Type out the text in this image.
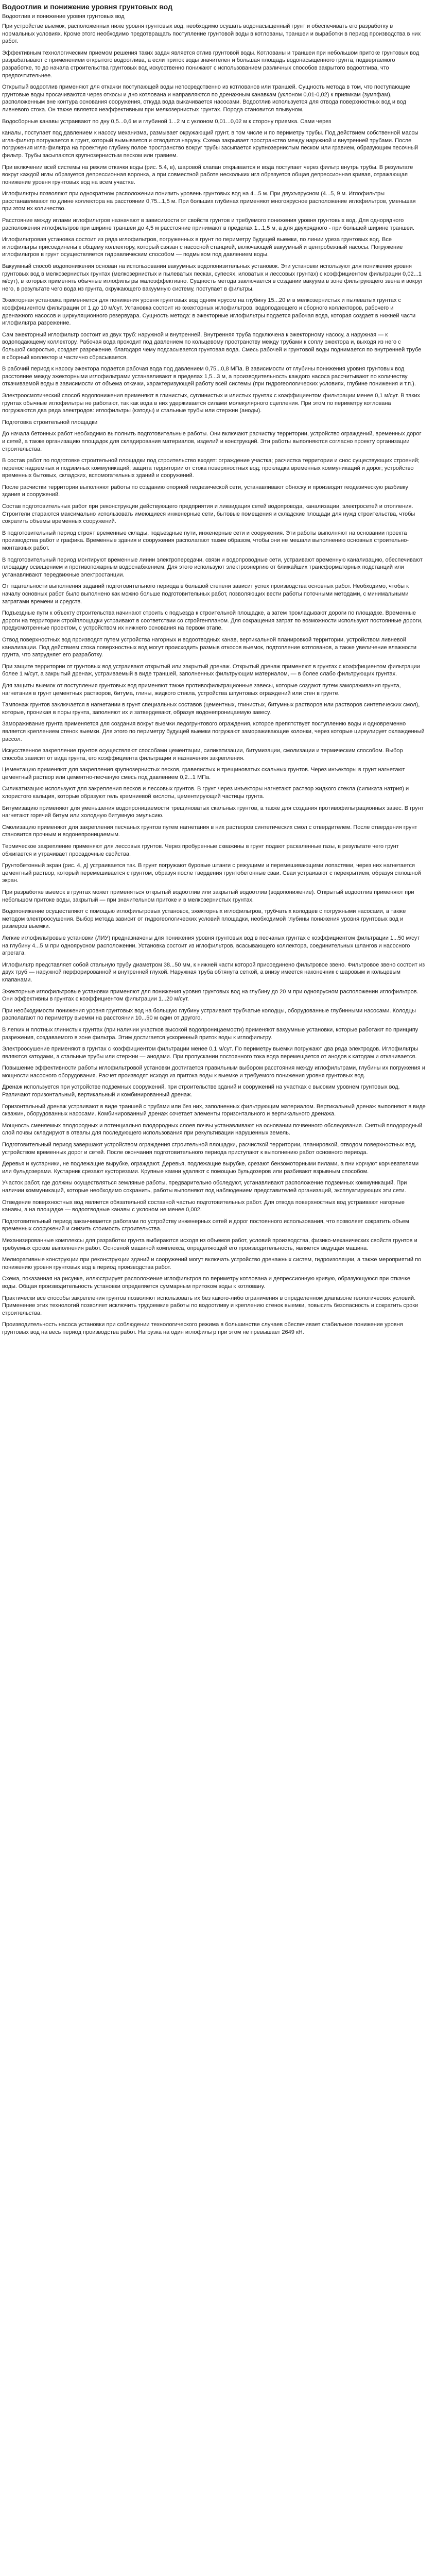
Водоотлив и понижение уровня грунтовых вод
Водоотлив и понижение уровня грунтовых вод

При устройстве выемок, расположенных ниже уровня грунтовых вод, необходимо осушать водонасыщенный грунт и обеспечивать его разработку в нормальных условиях. Кроме этого необходимо предотвращать поступление грунтовой воды в котлованы, траншеи и выработки в период производства в них работ.

Эффективным технологическим приемом решения таких задач является отлив грунтовой воды. Котлованы и траншеи при небольшом притоке грунтовых вод разрабатывают с применением открытого водоотлива, а если приток воды значителен и большая площадь водонасыщенного грунта, подвергаемого разработке, то до начала строительства грунтовых вод искусственно понижают с использованием различных способов закрытого водоотлива, что предпочтительнее.

Открытый водоотлив применяют для откачки поступающей воды непосредственно из котлованов или траншей. Сущность метода в том, что поступающие грунтовые воды просачиваются через откосы и дно котлована и направляются по дренажным канавкам (уклоном 0,01-0,02) к приямкам (зумпфам), расположенным вне контура основания сооружения, откуда вода выкачивается насосами. Водоотлив используется для отвода поверхностных вод и вод ливневого стока. Он также является неэффективным при мелкозернистых грунтах. Порода становится плывуном.

Водосборные канавы устраивают по дну 0,5...0,6 м и глубиной 1...2 м с уклоном 0,01...0,02 м к сторону приямка. Сами через

каналы, поступает под давлением к насосу механизма, размывает окружающий грунт, в том числе и по периметру трубы. Под действием собственной массы игла-фильтр погружается в грунт, который вымывается и отводится наружу. Схема закрывает пространство между наружной и внутренней трубами. После погружения игла-фильтра на проектную глубину полое пространство вокруг трубы засыпается крупнозернистым песком или гравием, образующим песочный фильтр. Трубы засыпаются крупнозернистым песком или гравием.

При включении всей системы на режим откачки воды (рис. 5.4, в), шаровой клапан открывается и вода поступает через фильтр внутрь трубы. В результате вокруг каждой иглы образуется депрессионная воронка, а при совместной работе нескольких игл образуется общая депрессионная кривая, отражающая понижение уровня грунтовых вод на всем участке.

Иглофильтры позволяют при однократном расположении понизить уровень грунтовых вод на 4...5 м. При двухъярусном (4...5, 9 м. Иглофильтры расстанавливают по длине коллектора на расстоянии 0,75...1,5 м. При больших глубинах применяют многоярусное расположение иглофильтров, уменьшая при этом их количество.

Расстояние между иглами иглофильтров назначают в зависимости от свойств грунтов и требуемого понижения уровня грунтовых вод. Для однорядного расположения иглофильтров при ширине траншеи до 4,5 м расстояние принимают в пределах 1...1,5 м, а для двухрядного - при большей ширине траншеи.

Иглофильтровая установка состоит из ряда иглофильтров, погруженных в грунт по периметру будущей выемки, по линии уреза грунтовых вод. Все иглофильтры присоединены к общему коллектору, который связан с насосной станцией, включающей вакуумный и центробежный насосы. Погружение иглофильтров в грунт осуществляется гидравлическим способом — подмывом под давлением воды.

Вакуумный способ водопонижения основан на использовании вакуумных водопонизительных установок. Эти установки используют для понижения уровня грунтовых вод в мелкозернистых грунтах (мелкозернистых и пылеватых песках, супесях, иловатых и лессовых грунтах) с коэффициентом фильтрации 0,02...1 м/сут), в которых применять обычные иглофильтры малоэффективно. Сущность метода заключается в создании вакуума в зоне фильтрующего звена и вокруг него, в результате чего вода из грунта, окружающего вакуумную систему, поступает в фильтры.

Эжекторная установка применяется для понижения уровня грунтовых вод одним ярусом на глубину 15...20 м в мелкозернистых и пылеватых грунтах с коэффициентом фильтрации от 1 до 10 м/сут. Установка состоит из эжекторных иглофильтров, водоподающего и сборного коллекторов, рабочего и дренажного насосов и циркуляционного резервуара. Сущность метода: в эжекторные иглофильтры подается рабочая вода, которая создает в нижней части иглофильтра разрежение.

Сам эжекторный иглофильтр состоит из двух труб: наружной и внутренней. Внутренняя труба подключена к эжекторному насосу, а наружная — к водоподающему коллектору. Рабочая вода проходит под давлением по кольцевому пространству между трубами к соплу эжектора и, выходя из него с большой скоростью, создает разрежение, благодаря чему подсасывается грунтовая вода. Смесь рабочей и грунтовой воды поднимается по внутренней трубе в сборный коллектор и частично сбрасывается.

В рабочий период к насосу эжектора подается рабочая вода под давлением 0,75...0,8 МПа. В зависимости от глубины понижения уровня грунтовых вод расстояние между эжекторными иглофильтрами устанавливают в пределах 1,5...3 м, а производительность каждого насоса рассчитывают по количеству откачиваемой воды в зависимости от объема откачки, характеризующей работу всей системы (при гидрогеологических условиях, глубине понижения и т.п.).

Электроосмотический способ водопонижения применяют в глинистых, суглинистых и илистых грунтах с коэффициентом фильтрации менее 0,1 м/сут. В таких грунтах обычные иглофильтры не работают, так как вода в них удерживается силами молекулярного сцепления. При этом по периметру котлована погружаются два ряда электродов: иглофильтры (катоды) и стальные трубы или стержни (аноды).

Подготовка строительной площадки

До начала бетонных работ необходимо выполнить подготовительные работы. Они включают расчистку территории, устройство ограждений, временных дорог и сетей, а также организацию площадок для складирования материалов, изделий и конструкций. Эти работы выполняются согласно проекту организации строительства.

В состав работ по подготовке строительной площадки под строительство входят: ограждение участка; расчистка территории и снос существующих строений; перенос надземных и подземных коммуникаций; защита территории от стока поверхностных вод; прокладка временных коммуникаций и дорог; устройство временных бытовых, складских, вспомогательных зданий и сооружений.

После расчистки территории выполняют работы по созданию опорной геодезической сети, устанавливают обноску и производят геодезическую разбивку здания и сооружений.

Состав подготовительных работ при реконструкции действующего предприятия и ликвидация сетей водопровода, канализации, электросетей и отопления. Строители стараются максимально использовать имеющиеся инженерные сети, бытовые помещения и складские площади для нужд строительства, чтобы сократить объемы временных сооружений.

В подготовительный период строят временные склады, подъездные пути, инженерные сети и сооружения. Эти работы выполняют на основании проекта производства работ и графика. Временные здания и сооружения располагают таким образом, чтобы они не мешали выполнению основных строительно-монтажных работ.

В подготовительный период монтируют временные линии электропередачи, связи и водопроводные сети, устраивают временную канализацию, обеспечивают площадку освещением и противопожарным водоснабжением. Для этого используют электроэнергию от ближайших трансформаторных подстанций или устанавливают передвижные электростанции.

От тщательности выполнения заданий подготовительного периода в большой степени зависит успех производства основных работ. Необходимо, чтобы к началу основных работ было выполнено как можно больше подготовительных работ, позволяющих вести работы поточными методами, с минимальными затратами времени и средств.

Подъездные пути к объекту строительства начинают строить с подъезда к строительной площадке, а затем прокладывают дороги по площадке. Временные дороги на территории стройплощадки устраивают в соответствии со стройгенпланом. Для сокращения затрат по возможности используют постоянные дороги, предусмотренные проектом, с устройством их нижнего основания на первом этапе.

Отвод поверхностных вод производят путем устройства нагорных и водоотводных канав, вертикальной планировкой территории, устройством ливневой канализации. Под действием стока поверхностных вод могут происходить размыв откосов выемок, подтопление котлованов, а также увеличение влажности грунта, что затрудняет его разработку.

При защите территории от грунтовых вод устраивают открытый или закрытый дренаж. Открытый дренаж применяют в грунтах с коэффициентом фильтрации более 1 м/сут, а закрытый дренаж, устраиваемый в виде траншей, заполненных фильтрующим материалом, — в более слабо фильтрующих грунтах.

Для защиты выемок от поступления грунтовых вод применяют также противофильтрационные завесы, которые создают путем замораживания грунта, нагнетания в грунт цементных растворов, битума, глины, жидкого стекла, устройства шпунтовых ограждений или стен в грунте.

Тампонаж грунтов заключается в нагнетании в грунт специальных составов (цементных, глинистых, битумных растворов или растворов синтетических смол), которые, проникая в поры грунта, заполняют их и затвердевают, образуя водонепроницаемую завесу.

Замораживание грунта применяется для создания вокруг выемки ледогрунтового ограждения, которое препятствует поступлению воды и одновременно является креплением стенок выемки. Для этого по периметру будущей выемки погружают замораживающие колонки, через которые циркулирует охлажденный рассол.

Искусственное закрепление грунтов осуществляют способами цементации, силикатизации, битумизации, смолизации и термическим способом. Выбор способа зависит от вида грунта, его коэффициента фильтрации и назначения закрепления.

Цементацию применяют для закрепления крупнозернистых песков, гравелистых и трещиноватых скальных грунтов. Через инъекторы в грунт нагнетают цементный раствор или цементно-песчаную смесь под давлением 0,2...1 МПа.

Силикатизацию используют для закрепления песков и лессовых грунтов. В грунт через инъекторы нагнетают раствор жидкого стекла (силиката натрия) и хлористого кальция, которые образуют гель кремниевой кислоты, цементирующий частицы грунта.

Битумизацию применяют для уменьшения водопроницаемости трещиноватых скальных грунтов, а также для создания противофильтрационных завес. В грунт нагнетают горячий битум или холодную битумную эмульсию.

Смолизацию применяют для закрепления песчаных грунтов путем нагнетания в них растворов синтетических смол с отвердителем. После отвердения грунт становится прочным и водонепроницаемым.

Термическое закрепление применяют для лессовых грунтов. Через пробуренные скважины в грунт подают раскаленные газы, в результате чего грунт обжигается и утрачивает просадочные свойства.

Грунтобетонный экран (рис. 4, д) устраивается так. В грунт погружают буровые штанги с режущими и перемешивающими лопастями, через них нагнетается цементный раствор, который перемешивается с грунтом, образуя после твердения грунтобетонные сваи. Сваи устраивают с перекрытием, образуя сплошной экран.

При разработке выемок в грунтах может применяться открытый водоотлив или закрытый водоотлив (водопонижение). Открытый водоотлив применяют при небольшом притоке воды, закрытый — при значительном притоке и в мелкозернистых грунтах.

Водопонижение осуществляют с помощью иглофильтровых установок, эжекторных иглофильтров, трубчатых колодцев с погружными насосами, а также методом электроосушения. Выбор метода зависит от гидрогеологических условий площадки, необходимой глубины понижения уровня грунтовых вод и размеров выемки.

Легкие иглофильтровые установки (ЛИУ) предназначены для понижения уровня грунтовых вод в песчаных грунтах с коэффициентом фильтрации 1...50 м/сут на глубину 4...5 м при одноярусном расположении. Установка состоит из иглофильтров, всасывающего коллектора, соединительных шлангов и насосного агрегата.

Иглофильтр представляет собой стальную трубу диаметром 38...50 мм, к нижней части которой присоединено фильтровое звено. Фильтровое звено состоит из двух труб — наружной перфорированной и внутренней глухой. Наружная труба обтянута сеткой, а внизу имеется наконечник с шаровым и кольцевым клапанами.

Эжекторные иглофильтровые установки применяют для понижения уровня грунтовых вод на глубину до 20 м при одноярусном расположении иглофильтров. Они эффективны в грунтах с коэффициентом фильтрации 1...20 м/сут.

При необходимости понижения уровня грунтовых вод на большую глубину устраивают трубчатые колодцы, оборудованные глубинными насосами. Колодцы располагают по периметру выемки на расстоянии 10...50 м один от другого.

В легких и плотных глинистых грунтах (при наличии участков высокой водопроницаемости) применяют вакуумные установки, которые работают по принципу разрежения, создаваемого в зоне фильтра. Этим достигается ускоренный приток воды к иглофильтру.

Электроосушение применяют в грунтах с коэффициентом фильтрации менее 0,1 м/сут. По периметру выемки погружают два ряда электродов. Иглофильтры являются катодами, а стальные трубы или стержни — анодами. При пропускании постоянного тока вода перемещается от анодов к катодам и откачивается.

Повышение эффективности работы иглофильтровой установки достигается правильным выбором расстояния между иглофильтрами, глубины их погружения и мощности насосного оборудования. Расчет производят исходя из притока воды к выемке и требуемого понижения уровня грунтовых вод.

Дренаж используется при устройстве подземных сооружений, при строительстве зданий и сооружений на участках с высоким уровнем грунтовых вод. Различают горизонтальный, вертикальный и комбинированный дренаж.

Горизонтальный дренаж устраивают в виде траншей с трубами или без них, заполненных фильтрующим материалом. Вертикальный дренаж выполняют в виде скважин, оборудованных насосами. Комбинированный дренаж сочетает элементы горизонтального и вертикального дренажа.

Мощность сменяемых плодородных и потенциально плодородных слоев почвы устанавливают на основании почвенного обследования. Снятый плодородный слой почвы складируют в отвалы для последующего использования при рекультивации нарушенных земель.

Подготовительный период завершают устройством ограждения строительной площадки, расчисткой территории, планировкой, отводом поверхностных вод, устройством временных дорог и сетей. После окончания подготовительного периода приступают к выполнению работ основного периода.

Деревья и кустарники, не подлежащие вырубке, ограждают. Деревья, подлежащие вырубке, срезают бензомоторными пилами, а пни корчуют корчевателями или бульдозерами. Кустарник срезают кусторезами. Крупные камни удаляют с помощью бульдозеров или разбивают взрывным способом.

Участок работ, где должны осуществляться земляные работы, предварительно обследуют, устанавливают расположение подземных коммуникаций. При наличии коммуникаций, которые необходимо сохранить, работы выполняют под наблюдением представителей организаций, эксплуатирующих эти сети.

Отведение поверхностных вод является обязательной составной частью подготовительных работ. Для отвода поверхностных вод устраивают нагорные канавы, а на площадке — водоотводные канавы с уклоном не менее 0,002.

Подготовительный период заканчивается работами по устройству инженерных сетей и дорог постоянного использования, что позволяет сократить объем временных сооружений и снизить стоимость строительства.

Механизированные комплексы для разработки грунта выбираются исходя из объемов работ, условий производства, физико-механических свойств грунтов и требуемых сроков выполнения работ. Основной машиной комплекса, определяющей его производительность, является ведущая машина.

Мелиоративные конструкции при реконструкции зданий и сооружений могут включать устройство дренажных систем, гидроизоляции, а также мероприятий по понижению уровня грунтовых вод в период производства работ.

Схема, показанная на рисунке, иллюстрирует расположение иглофильтров по периметру котлована и депрессионную кривую, образующуюся при откачке воды. Общая производительность установки определяется суммарным притоком воды к котловану.

Практически все способы закрепления грунтов позволяют использовать их без какого-либо ограничения в определенном диапазоне геологических условий. Применение этих технологий позволяет исключить трудоемкие работы по водоотливу и креплению стенок выемки, повысить безопасность и сократить сроки строительства.

Производительность насоса установки при соблюдении технологического режима в большинстве случаев обеспечивает стабильное понижение уровня грунтовых вод на весь период производства работ. Нагрузка на один иглофильтр при этом не превышает 2649 кН.
